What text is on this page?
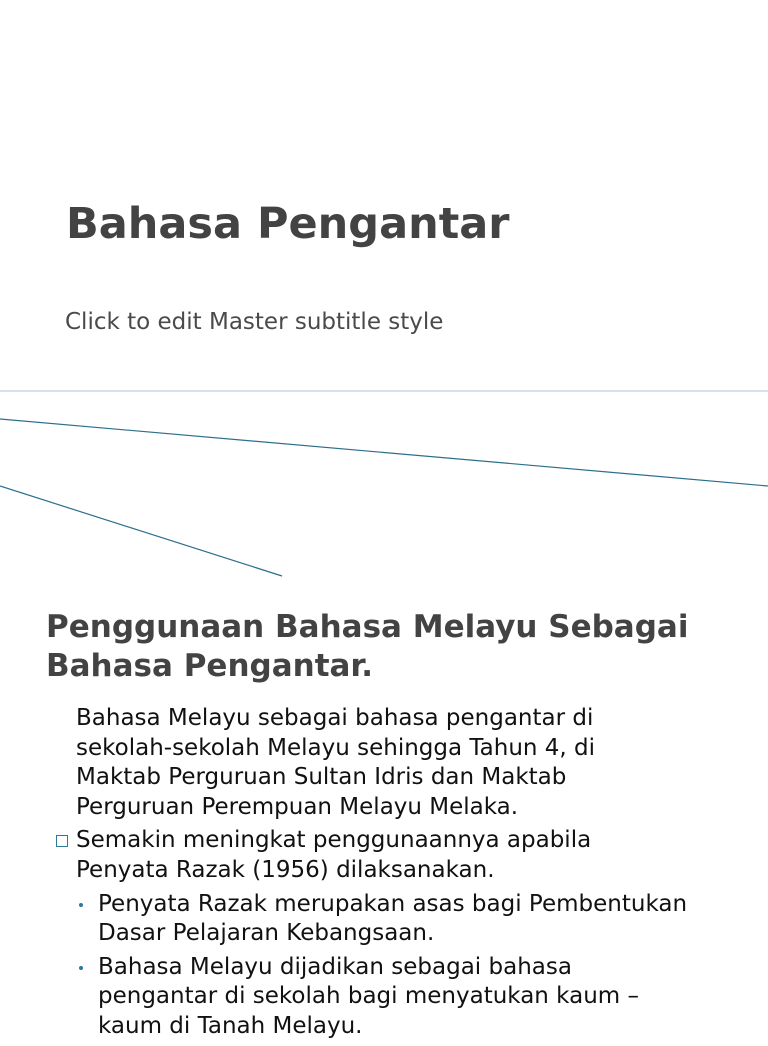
Bahasa Pengantar

Click to edit Master subtitle style

Penggunaan Bahasa Melayu Sebagai Bahasa Pengantar.
Bahasa Melayu sebagai bahasa pengantar di sekolah-sekolah Melayu sehingga Tahun 4, di Maktab Perguruan Sultan Idris dan Maktab Perguruan Perempuan Melayu Melaka.
Semakin meningkat penggunaannya apabila Penyata Razak (1956) dilaksanakan.
Penyata Razak merupakan asas bagi Pembentukan Dasar Pelajaran Kebangsaan.
Bahasa Melayu dijadikan sebagai bahasa pengantar di sekolah bagi menyatukan kaum – kaum di Tanah Melayu.
